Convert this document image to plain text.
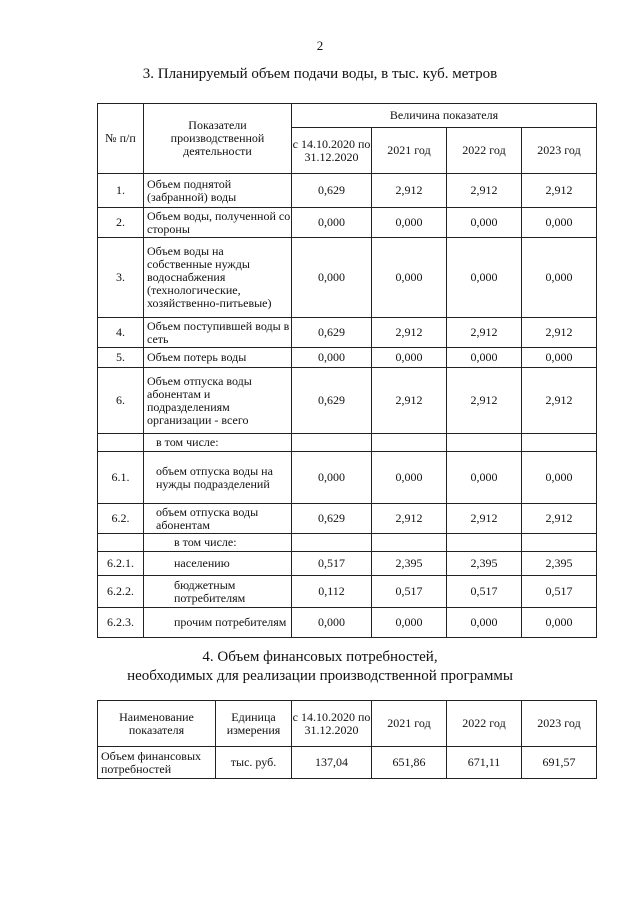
2
3. Планируемый объем подачи воды, в тыс. куб. метров
№ п/п	Показатели производственной деятельности	Величина показателя			
		с 14.10.2020 по 31.12.2020	2021 год	2022 год	2023 год
1.	Объем поднятой (забранной) воды	0,629	2,912	2,912	2,912
2.	Объем воды, полученной со стороны	0,000	0,000	0,000	0,000
3.	Объем воды на собственные нужды водоснабжения (технологические, хозяйственно-питьевые)	0,000	0,000	0,000	0,000
4.	Объем поступившей воды в сеть	0,629	2,912	2,912	2,912
5.	Объем потерь воды	0,000	0,000	0,000	0,000
6.	Объем отпуска воды абонентам и подразделениям организации - всего	0,629	2,912	2,912	2,912
	в том числе:				
6.1.	объем отпуска воды на нужды подразделений	0,000	0,000	0,000	0,000
6.2.	объем отпуска воды абонентам	0,629	2,912	2,912	2,912
	в том числе:				
6.2.1.	населению	0,517	2,395	2,395	2,395
6.2.2.	бюджетным потребителям	0,112	0,517	0,517	0,517
6.2.3.	прочим потребителям	0,000	0,000	0,000	0,000
4. Объем финансовых потребностей,
необходимых для реализации производственной программы
Наименование показателя	Единица измерения	с 14.10.2020 по 31.12.2020	2021 год	2022 год	2023 год
Объем финансовых потребностей	тыс. руб.	137,04	651,86	671,11	691,57
